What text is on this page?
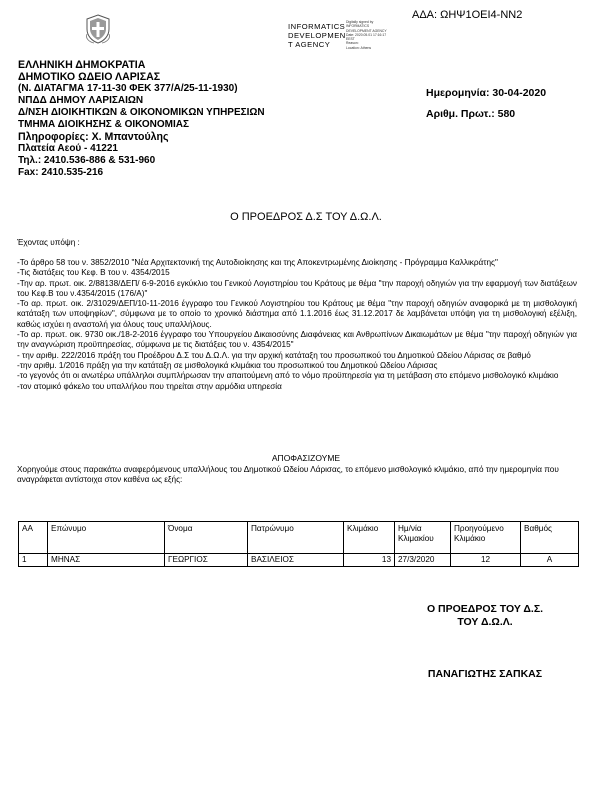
ΑΔΑ: ΩΗΨ1ΟΕΙ4-ΝΝ2
INFORMATICS
DEVELOPMEN
T AGENCY
Digitally signed by
INFORMATICS
DEVELOPMENT AGENCY
Date: 2020.05.01 17:16:17
EEST
Reason:
Location: Athens
ΕΛΛΗΝΙΚΗ ΔΗΜΟΚΡΑΤΙΑ
ΔΗΜΟΤΙΚΟ ΩΔΕΙΟ ΛΑΡΙΣΑΣ
(Ν. ΔΙΑΤΑΓΜΑ 17-11-30 ΦΕΚ 377/Α/25-11-1930)
ΝΠΔΔ ΔΗΜΟΥ ΛΑΡΙΣΑΙΩΝ
Δ/ΝΣΗ ΔΙΟΙΚΗΤΙΚΩΝ & ΟΙΚΟΝΟΜΙΚΩΝ ΥΠΗΡΕΣΙΩΝ
ΤΜΗΜΑ ΔΙΟΙΚΗΣΗΣ & ΟΙΚΟΝΟΜΙΑΣ
Πληροφορίες: Χ. Μπαντούλης
Πλατεία Αεού - 41221
Τηλ.: 2410.536-886 & 531-960
Fax: 2410.535-216
Ημερομηνία: 30-04-2020
Αριθμ. Πρωτ.: 580
Ο ΠΡΟΕΔΡΟΣ Δ.Σ ΤΟΥ Δ.Ω.Λ.
Έχοντας υπόψη :
-Το άρθρο 58 του ν. 3852/2010 "Νέα Αρχιτεκτονική της Αυτοδιοίκησης και της Αποκεντρωμένης Διοίκησης - Πρόγραμμα Καλλικράτης"
-Τις διατάξεις του Κεφ. Β του ν. 4354/2015
-Την αρ. πρωτ. οικ. 2/88138/ΔΕΠ/ 6-9-2016 εγκύκλιο του Γενικού Λογιστηρίου του Κράτους με θέμα "την παροχή οδηγιών για την εφαρμογή των διατάξεων του Κεφ.Β του ν.4354/2015 (176/Α)"
-Το αρ. πρωτ. οικ. 2/31029/ΔΕΠ/10-11-2016 έγγραφο του Γενικού Λογιστηρίου του Κράτους με θέμα "την παροχή οδηγιών αναφορικά με τη μισθολογική κατάταξη των υποψηφίων", σύμφωνα με το οποίο το χρονικό διάστημα από 1.1.2016 έως 31.12.2017 δε λαμβάνεται υπόψη για τη μισθολογική εξέλιξη, καθώς ισχύει η αναστολή για όλους τους υπαλλήλους.
-Το αρ. πρωτ. οικ. 9730 οικ./18-2-2016 έγγραφο του Υπουργείου Δικαιοσύνης Διαφάνειας και Ανθρωπίνων Δικαιωμάτων με θέμα "την παροχή οδηγιών για την αναγνώριση προϋπηρεσίας, σύμφωνα με τις διατάξεις του ν. 4354/2015"
- την αριθμ. 222/2016 πράξη του Προέδρου Δ.Σ του Δ.Ω.Λ. για την αρχική κατάταξη του προσωπικού του Δημοτικού Ωδείου Λάρισας σε βαθμό
-την αριθμ. 1/2016 πράξη για την κατάταξη σε μισθολογικά κλιμάκια του προσωπικού του Δημοτικού Ωδείου Λάρισας
-το γεγονός ότι οι ανωτέρω υπάλληλοι συμπλήρωσαν την απαιτούμενη από το νόμο προϋπηρεσία για τη μετάβαση στο επόμενο μισθολογικό κλιμάκιο
-τον ατομικό φάκελο του υπαλλήλου που τηρείται στην αρμόδια υπηρεσία
ΑΠΟΦΑΣΙΖΟΥΜΕ
Χορηγούμε στους παρακάτω αναφερόμενους υπαλλήλους του Δημοτικού Ωδείου Λάρισας, το επόμενο μισθολογικό κλιμάκιο, από την ημερομηνία που αναγράφεται αντίστοιχα στον καθένα ως εξής:
ΑΑ	Επώνυμο	Όνομα	Πατρώνυμο	Κλιμάκιο	Ημ/νία Κλιμακίου	Προηγούμενο Κλιμάκιο	Βαθμός
1	ΜΗΝΑΣ	ΓΕΩΡΓΙΟΣ	ΒΑΣΙΛΕΙΟΣ	13	27/3/2020	12	Α
Ο ΠΡΟΕΔΡΟΣ ΤΟΥ Δ.Σ.
ΤΟΥ Δ.Ω.Λ.
ΠΑΝΑΓΙΩΤΗΣ ΣΑΠΚΑΣ
